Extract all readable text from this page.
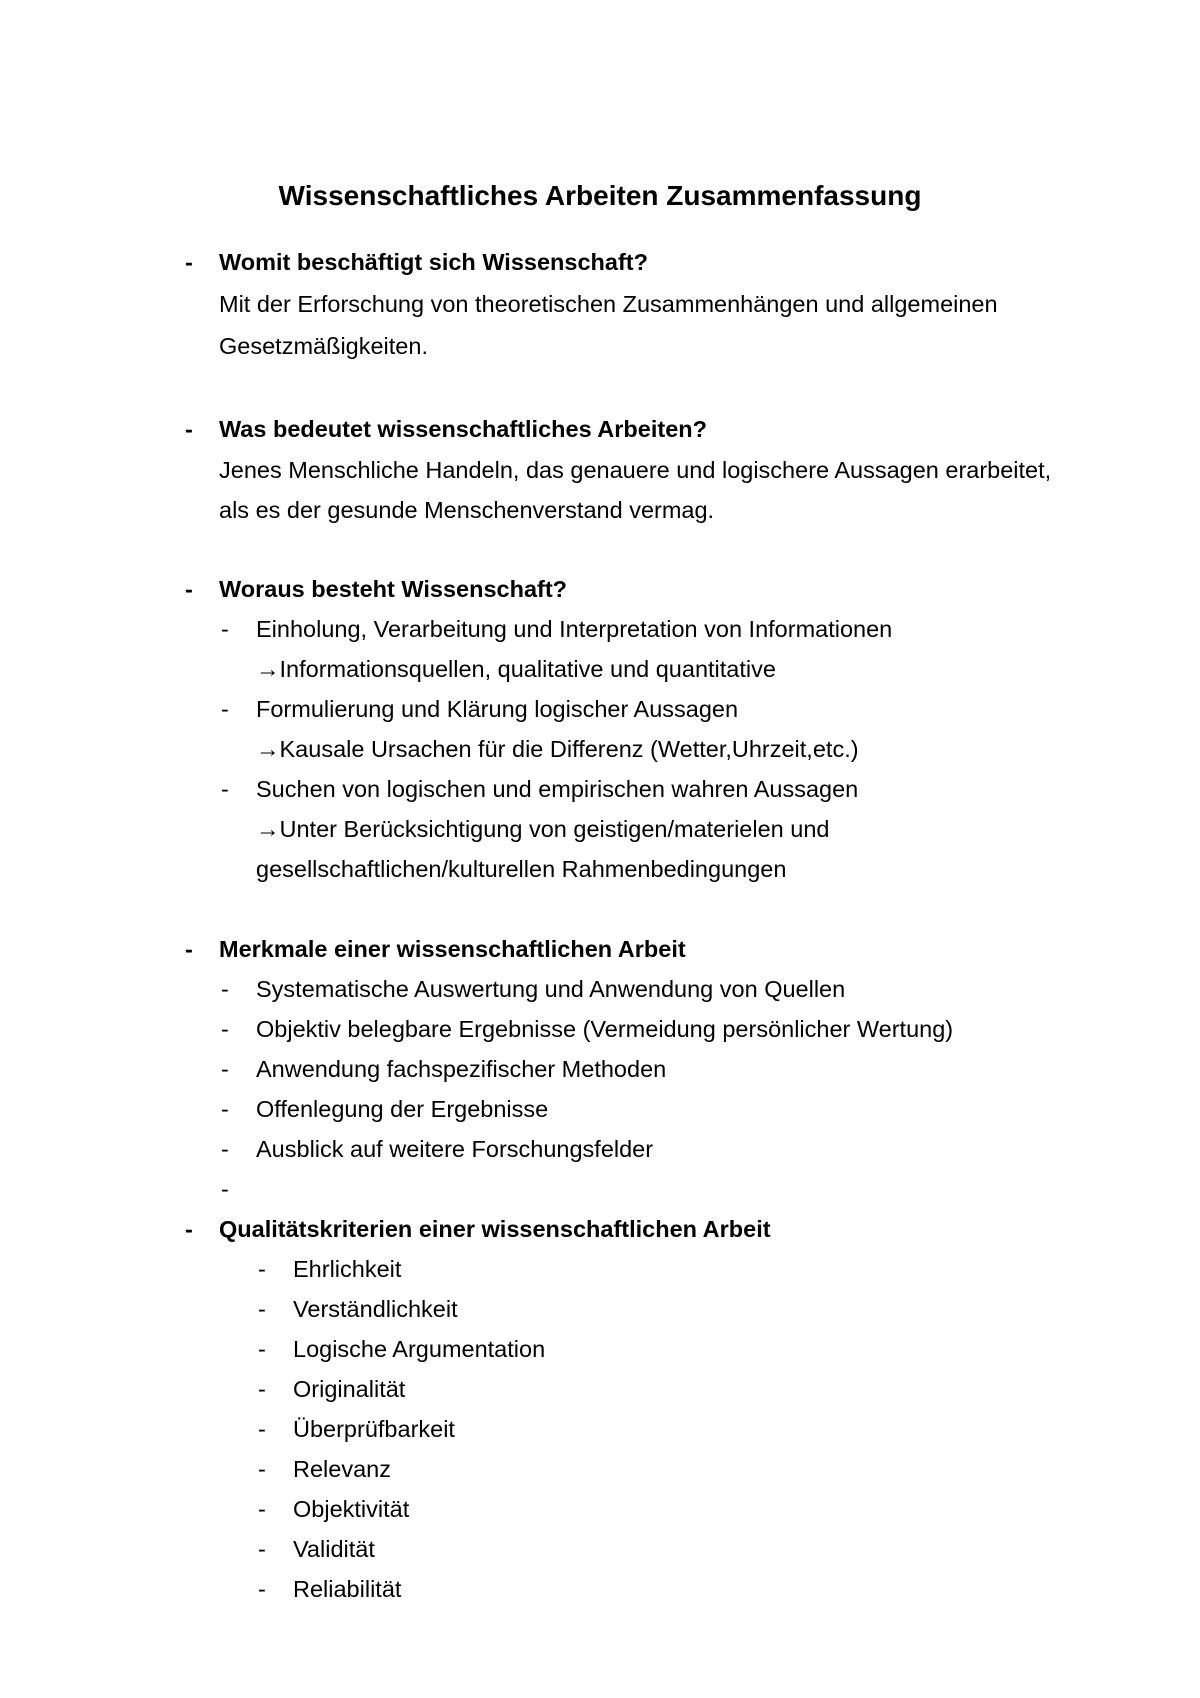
Wissenschaftliches Arbeiten Zusammenfassung
- Womit beschäftigt sich Wissenschaft?
Mit der Erforschung von theoretischen Zusammenhängen und allgemeinen
Gesetzmäßigkeiten.
- Was bedeutet wissenschaftliches Arbeiten?
Jenes Menschliche Handeln, das genauere und logischere Aussagen erarbeitet,
als es der gesunde Menschenverstand vermag.
- Woraus besteht Wissenschaft?
- Einholung, Verarbeitung und Interpretation von Informationen
→Informationsquellen, qualitative und quantitative
- Formulierung und Klärung logischer Aussagen
→Kausale Ursachen für die Differenz (Wetter,Uhrzeit,etc.)
- Suchen von logischen und empirischen wahren Aussagen
→Unter Berücksichtigung von geistigen/materielen und
gesellschaftlichen/kulturellen Rahmenbedingungen
- Merkmale einer wissenschaftlichen Arbeit
- Systematische Auswertung und Anwendung von Quellen
- Objektiv belegbare Ergebnisse (Vermeidung persönlicher Wertung)
- Anwendung fachspezifischer Methoden
- Offenlegung der Ergebnisse
- Ausblick auf weitere Forschungsfelder
-
- Qualitätskriterien einer wissenschaftlichen Arbeit
- Ehrlichkeit
- Verständlichkeit
- Logische Argumentation
- Originalität
- Überprüfbarkeit
- Relevanz
- Objektivität
- Validität
- Reliabilität
